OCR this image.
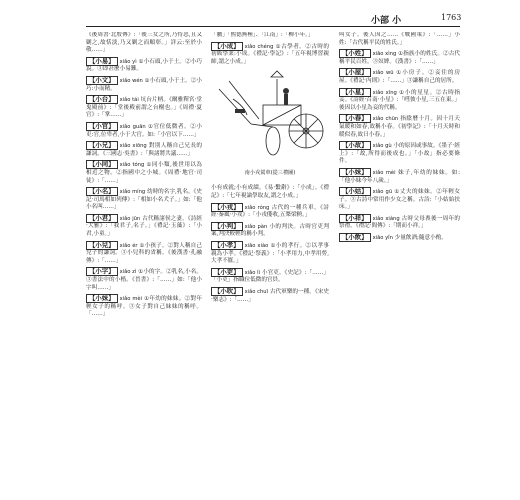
小部 小	1763

《後周書·北殷傳》:「後三女之所,乃恃惡,且又剿之,故恬淡,乃又剿之而順彰。」詳云:至於小敬……」

【小易】 xiǎo yì ①小石頭,小于土。②小巧貌。③即甚麼小易難。

【小文】 xiǎo wén ①小石頭,小于土。②小巧:小而精。

【小台】 xiǎo tái 坑台片柄。《爾雅釋宮·堂鬼殿前》:「堂後殿前謂之台榭也。」《周禮·夏官》:「掌……」

【小官】 xiǎo guān ①官位低微者。②小吏:官,位卑者,小于大官。如:「小官以下……」

【小兄】 xiǎo xiōng 對別人稱自己兄長的謙詞。《三國志·吳書》:「與諸將共議……」

【小同】 xiǎo tóng ①同小類,後世用以為相近之物。②指國中之小城。《周禮·地官·司徒》:「……」

【小名】 xiǎo míng 幼時的名字,乳名。《史記·司馬相如列傳》:「相如小名犬子。」如:「他小名叫……」

【小君】 xiǎo jūn 古代稱諸侯之妻。《詩經·大雅》:「我君子,名子。」《禮記·玉藻》:「小君,小童。」

【小兒】 xiǎo ér ①小孩子。②對人稱自己兒子的謙詞。③小兒科的省稱。《後漢書·孔融傳》:「……」

【小字】 xiǎo zì ①小的字。②乳名,小名。③書法中的小楷。《晉書》:「……」如:「他小字叫……」

【小妹】 xiǎo mèi ①年幼的妹妹。②對年輕女子的稱呼。③女子對自己妹妹的稱呼。「……」

「屬」「熙德無極」、「江南」:「柳小年。」

【小成】 xiǎo chéng ①古學者。②古時的初級學業:小成。《禮記·學記》:「五年視博習親師,謂之小成。」

南小戎駕車(從三禮圖)

小有成就;小有成績。《易·繫辭》:「小成」。《禮記》:「七年視論學取友,謂之小成。」

【小戎】 xiǎo róng 古代的一種兵車。《詩經·秦風·小戎》:「小戎俴收,五楘梁輈。」

【小判】 xiǎo pàn 小的判決。古時官吏判案,判決較輕的稱小判。

【小孝】 xiǎo xiào ①小的孝行。②以孝事親為小孝。《禮記·祭義》:「小孝用力,中孝用勞,大孝不匱。」

【小吏】 xiǎo lì 小官吏。《史記》:「……」「小吏」指職位低微的官員。

【小吹】 xiǎo chuī 古代軍樂的一種。《宋史·樂志》:「……」

叫女子。後人因之……《戰國策》:「……」小姓:「古代稱平民的姓氏。」

【小姓】 xiǎo xìng ①指族小的姓氏。②古代稱平民百姓。③奴婢。《漢書》:「……」

【小屋】 xiǎo wū ①小房子。②妾住的房屋。《禮記·內則》:「……」③謙稱自己的居所。

【小星】 xiǎo xīng ①小的星星。②古時指妾。《詩經·召南·小星》:「嘒彼小星,三五在東。」後因以小星為妾的代稱。

【小春】 xiǎo chūn 指陰曆十月。因十月天氣暖和如春,故稱小春。《初學記》:「十月天時和暖似春,故曰小春。」

【小故】 xiǎo gù 小的原因或事故。《墨子·經上》:「故,所得而後成也。」「小故」指必要條件。

【小妹】 xiǎo mèi 妹子,年幼的妹妹。如:「他小妹今年八歲。」

【小姑】 xiǎo gū ①丈夫的妹妹。②年輕女子。③古詩中常用作少女之稱。古詩:「小姑始扶床。」

【小祥】 xiǎo xiáng 古時父母喪後一周年的祭禮。《禮記·間傳》:「期而小祥。」

【小飲】 xiǎo yǐn 少量飲酒;隨意小酌。
